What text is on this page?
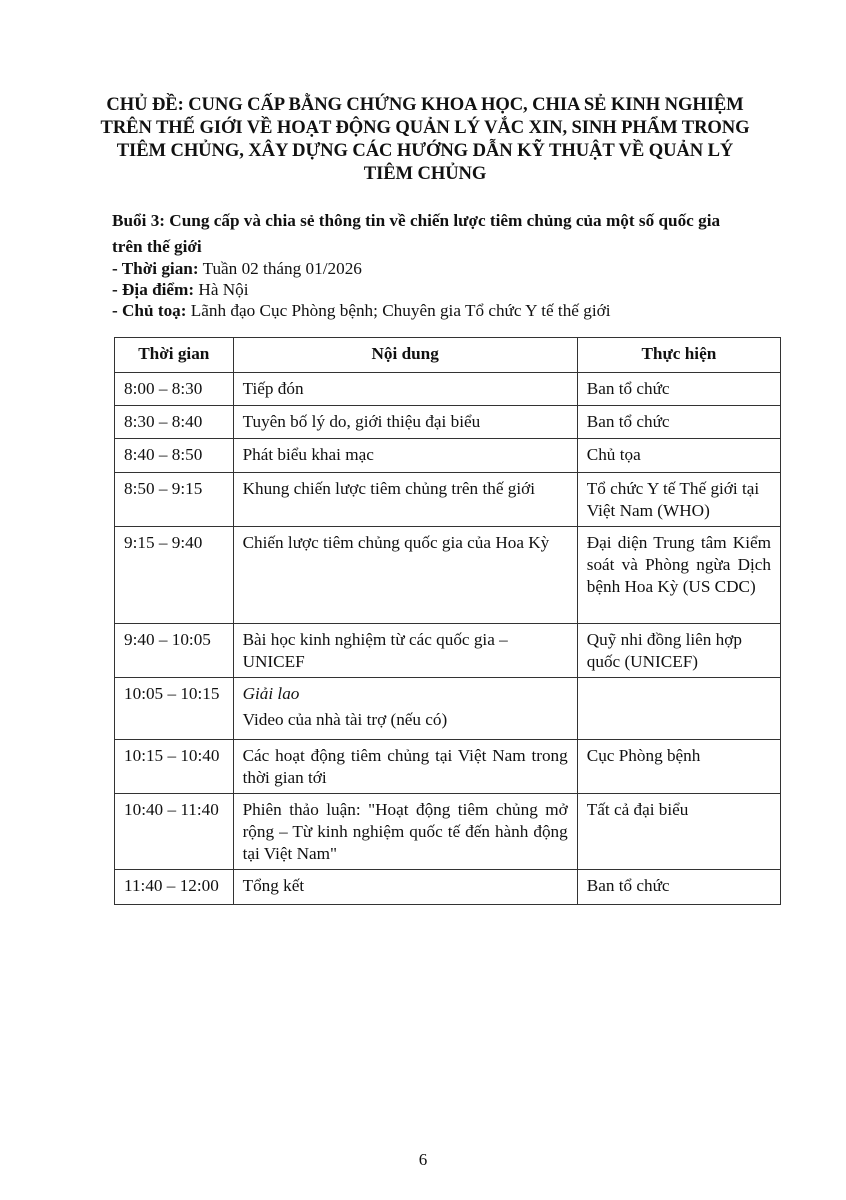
CHỦ ĐỀ: CUNG CẤP BẰNG CHỨNG KHOA HỌC, CHIA SẺ KINH NGHIỆM
TRÊN THẾ GIỚI VỀ HOẠT ĐỘNG QUẢN LÝ VẮC XIN, SINH PHẨM TRONG
TIÊM CHỦNG, XÂY DỰNG CÁC HƯỚNG DẪN KỸ THUẬT VỀ QUẢN LÝ
TIÊM CHỦNG
Buổi 3: Cung cấp và chia sẻ thông tin về chiến lược tiêm chủng của một số quốc gia trên thế giới
- Thời gian: Tuần 02 tháng 01/2026
- Địa điểm: Hà Nội
- Chủ toạ: Lãnh đạo Cục Phòng bệnh; Chuyên gia Tổ chức Y tế thế giới
Thời gian	Nội dung	Thực hiện
8:00 – 8:30	Tiếp đón	Ban tổ chức
8:30 – 8:40	Tuyên bố lý do, giới thiệu đại biểu	Ban tổ chức
8:40 – 8:50	Phát biểu khai mạc	Chủ tọa
8:50 – 9:15	Khung chiến lược tiêm chủng trên thế giới	Tổ chức Y tế Thế giới tại Việt Nam (WHO)
9:15 – 9:40	Chiến lược tiêm chủng quốc gia của Hoa Kỳ	Đại diện Trung tâm Kiểm soát và Phòng ngừa Dịch bệnh Hoa Kỳ (US CDC)
9:40 – 10:05	Bài học kinh nghiệm từ các quốc gia – UNICEF	Quỹ nhi đồng liên hợp quốc (UNICEF)
10:05 – 10:15	Giải lao
Video của nhà tài trợ (nếu có)	

10:15 – 10:40	Các hoạt động tiêm chủng tại Việt Nam trong thời gian tới	Cục Phòng bệnh
10:40 – 11:40	Phiên thảo luận: "Hoạt động tiêm chủng mở rộng – Từ kinh nghiệm quốc tế đến hành động tại Việt Nam"	Tất cả đại biểu
11:40 – 12:00	Tổng kết	Ban tổ chức
6
